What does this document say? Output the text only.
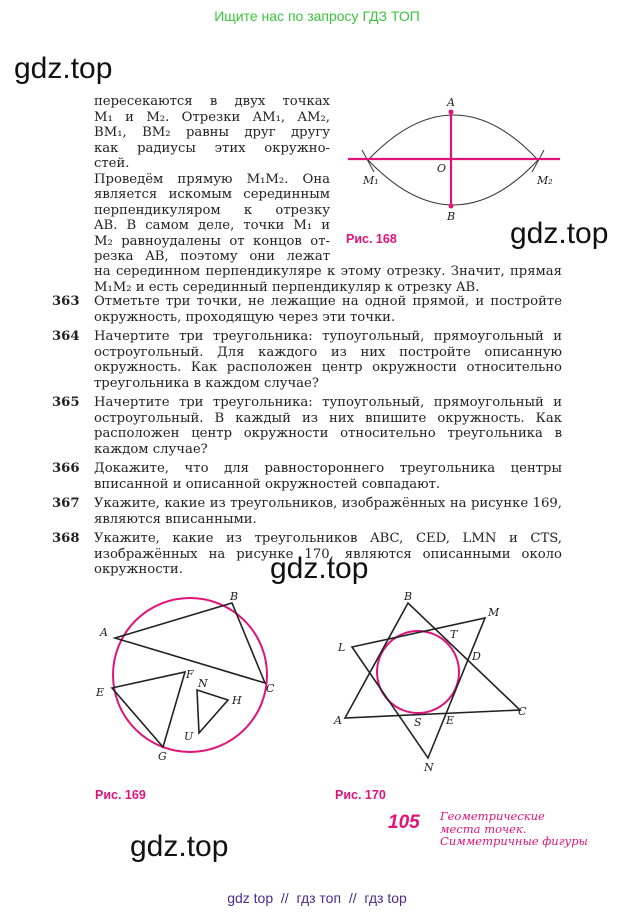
Ищите нас по запросу ГДЗ ТОП
gdz.top
gdz.top
gdz.top
gdz.top
пересекаются в двух точках
M₁ и M₂. Отрезки AM₁, AM₂,
BM₁, BM₂ равны друг другу
как радиусы этих окружно-
стей.
Проведём прямую M₁M₂. Она
является искомым серединным
перпендикуляром к отрезку
AB. В самом деле, точки M₁ и
M₂ равноудалены от концов от-
резка AB, поэтому они лежат
на серединном перпендикуляре к этому отрезку. Значит, прямая M₁M₂ и есть серединный перпендикуляр к отрезку AB.
363	Отметьте три точки, не лежащие на одной прямой, и постройте окружность, проходящую через эти точки.
364	Начертите три треугольника: тупоугольный, прямоугольный и остроугольный. Для каждого из них постройте описанную окружность. Как расположен центр окружности относительно треугольника в каждом случае?
365	Начертите три треугольника: тупоугольный, прямоугольный и остроугольный. В каждый из них впишите окружность. Как расположен центр окружности относительно треугольника в каждом случае?
366	Докажите, что для равностороннего треугольника центры вписанной и описанной окружностей совпадают.
367	Укажите, какие из треугольников, изображённых на рисунке 169, являются вписанными.
368	Укажите, какие из треугольников ABC, CED, LMN и CTS, изображённых на рисунке 170, являются описанными около окружности.
A
B
O
M₁	M₂
A
B
C
E
F
G
N
H
U
A
B
C
L
M
N
T
D
S E
Рис. 168
Рис. 169	Рис. 170
105 Геометрические
места точек.
Симметричные фигуры
gdz top  //  гдз топ  //  гдз top
